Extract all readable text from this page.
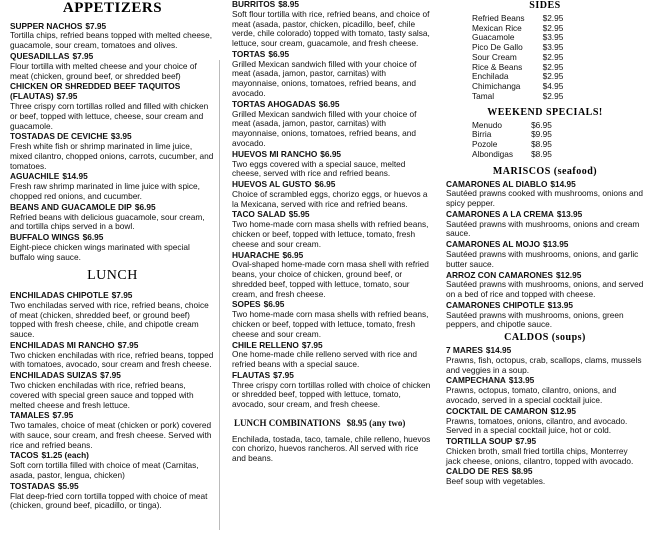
APPETIZERS
SUPPER NACHOS $7.95
Tortilla chips, refried beans topped with melted cheese, guacamole, sour cream, tomatoes and olives.
QUESADILLAS $7.95
Flour tortilla with melted cheese and your choice of meat (chicken, ground beef, or shredded beef)
CHICKEN OR SHREDDED BEEF TAQUITOS (FLAUTAS) $7.95
Three crispy corn tortillas rolled and filled with chicken or beef, topped with lettuce, cheese, sour cream and guacamole.
TOSTADAS DE CEVICHE $3.95
Fresh white fish or shrimp marinated in lime juice, mixed cilantro, chopped onions, carrots, cucumber, and tomatoes.
AGUACHILE $14.95
Fresh raw shrimp marinated in lime juice with spice, chopped red onions, and cucumber.
BEANS AND GUACAMOLE DIP $6.95
Refried beans with delicious guacamole, sour cream, and tortilla chips served in a bowl.
BUFFALO WINGS $6.95
Eight-piece chicken wings marinated with special buffalo wing sauce.
LUNCH
ENCHILADAS CHIPOTLE $7.95
Two enchiladas served with rice, refried beans, choice of meat (chicken, shredded beef, or ground beef) topped with fresh cheese, chile, and chipotle cream sauce.
ENCHILADAS MI RANCHO $7.95
Two chicken enchiladas with rice, refried beans, topped with tomatoes, avocado, sour cream and fresh cheese.
ENCHILADAS SUIZAS $7.95
Two chicken enchiladas with rice, refried beans, covered with special green sauce and topped with melted cheese and fresh lettuce.
TAMALES $7.95
Two tamales, choice of meat (chicken or pork) covered with sauce, sour cream, and fresh cheese. Served with rice and refried beans.
TACOS $1.25 (each)
Soft corn tortilla filled with choice of meat (Carnitas, asada, pastor, lengua, chicken)
TOSTADAS $5.95
Flat deep-fried corn tortilla topped with choice of meat (chicken, ground beef, picadillo, or tinga).
BURRITOS $8.95
Soft flour tortilla with rice, refried beans, and choice of meat (asada, pastor, chicken, picadillo, beef, chile verde, chile colorado) topped with tomato, tasty salsa, lettuce, sour cream, guacamole, and fresh cheese.
TORTAS $6.95
Grilled Mexican sandwich filled with your choice of meat (asada, jamon, pastor, carnitas) with mayonnaise, onions, tomatoes, refried beans, and avocado.
TORTAS AHOGADAS $6.95
Grilled Mexican sandwich filled with your choice of meat (asada, jamon, pastor, carnitas) with mayonnaise, onions, tomatoes, refried beans, and avocado.
HUEVOS MI RANCHO $6.95
Two eggs covered with a special sauce, melted cheese, served with rice and refried beans.
HUEVOS AL GUSTO $6.95
Choice of scrambled eggs, chorizo eggs, or huevos a la Mexicana, served with rice and refried beans.
TACO SALAD $5.95
Two home-made corn masa shells with refried beans, chicken or beef, topped with lettuce, tomato, fresh cheese and sour cream.
HUARACHE $6.95
Oval-shaped home-made corn masa shell with refried beans, your choice of chicken, ground beef, or shredded beef, topped with lettuce, tomato, sour cream, and fresh cheese.
SOPES $6.95
Two home-made corn masa shells with refried beans, chicken or beef, topped with lettuce, tomato, fresh cheese and sour cream.
CHILE RELLENO $7.95
One home-made chile relleno served with rice and refried beans with a special sauce.
FLAUTAS $7.95
Three crispy corn tortillas rolled with choice of chicken or shredded beef, topped with lettuce, tomato, avocado, sour cream, and fresh cheese.
LUNCH COMBINATIONS $8.95 (any two)
Enchilada, tostada, taco, tamale, chile relleno, huevos con chorizo, huevos rancheros. All served with rice and beans.
SIDES
Refried Beans	$2.95
Mexican Rice	$2.95
Guacamole	$3.95
Pico De Gallo	$3.95
Sour Cream	$2.95
Rice & Beans	$2.95
Enchilada	$2.95
Chimichanga	$4.95
Tamal	$2.95
WEEKEND SPECIALS!
Menudo	$6.95
Birria	$9.95
Pozole	$8.95
Albondigas	$8.95
MARISCOS (seafood)
CAMARONES AL DIABLO $14.95
Sautéed prawns cooked with mushrooms, onions and spicy pepper.
CAMARONES A LA CREMA $13.95
Sautéed prawns with mushrooms, onions and cream sauce.
CAMARONES AL MOJO $13.95
Sautéed prawns with mushrooms, onions, and garlic butter sauce.
ARROZ CON CAMARONES $12.95
Sautéed prawns with mushrooms, onions, and served on a bed of rice and topped with cheese.
CAMARONES CHIPOTLE $13.95
Sautéed prawns with mushrooms, onions, green peppers, and chipotle sauce.
CALDOS (soups)
7 MARES $14.95
Prawns, fish, octopus, crab, scallops, clams, mussels and veggies in a soup.
CAMPECHANA $13.95
Prawns, octopus, tomato, cilantro, onions, and avocado, served in a special cocktail juice.
COCKTAIL DE CAMARON $12.95
Prawns, tomatoes, onions, cilantro, and avocado. Served in a special cocktail juice, hot or cold.
TORTILLA SOUP $7.95
Chicken broth, small fried tortilla chips, Monterrey jack cheese, onions, cilantro, topped with avocado.
CALDO DE RES $8.95
Beef soup with vegetables.
